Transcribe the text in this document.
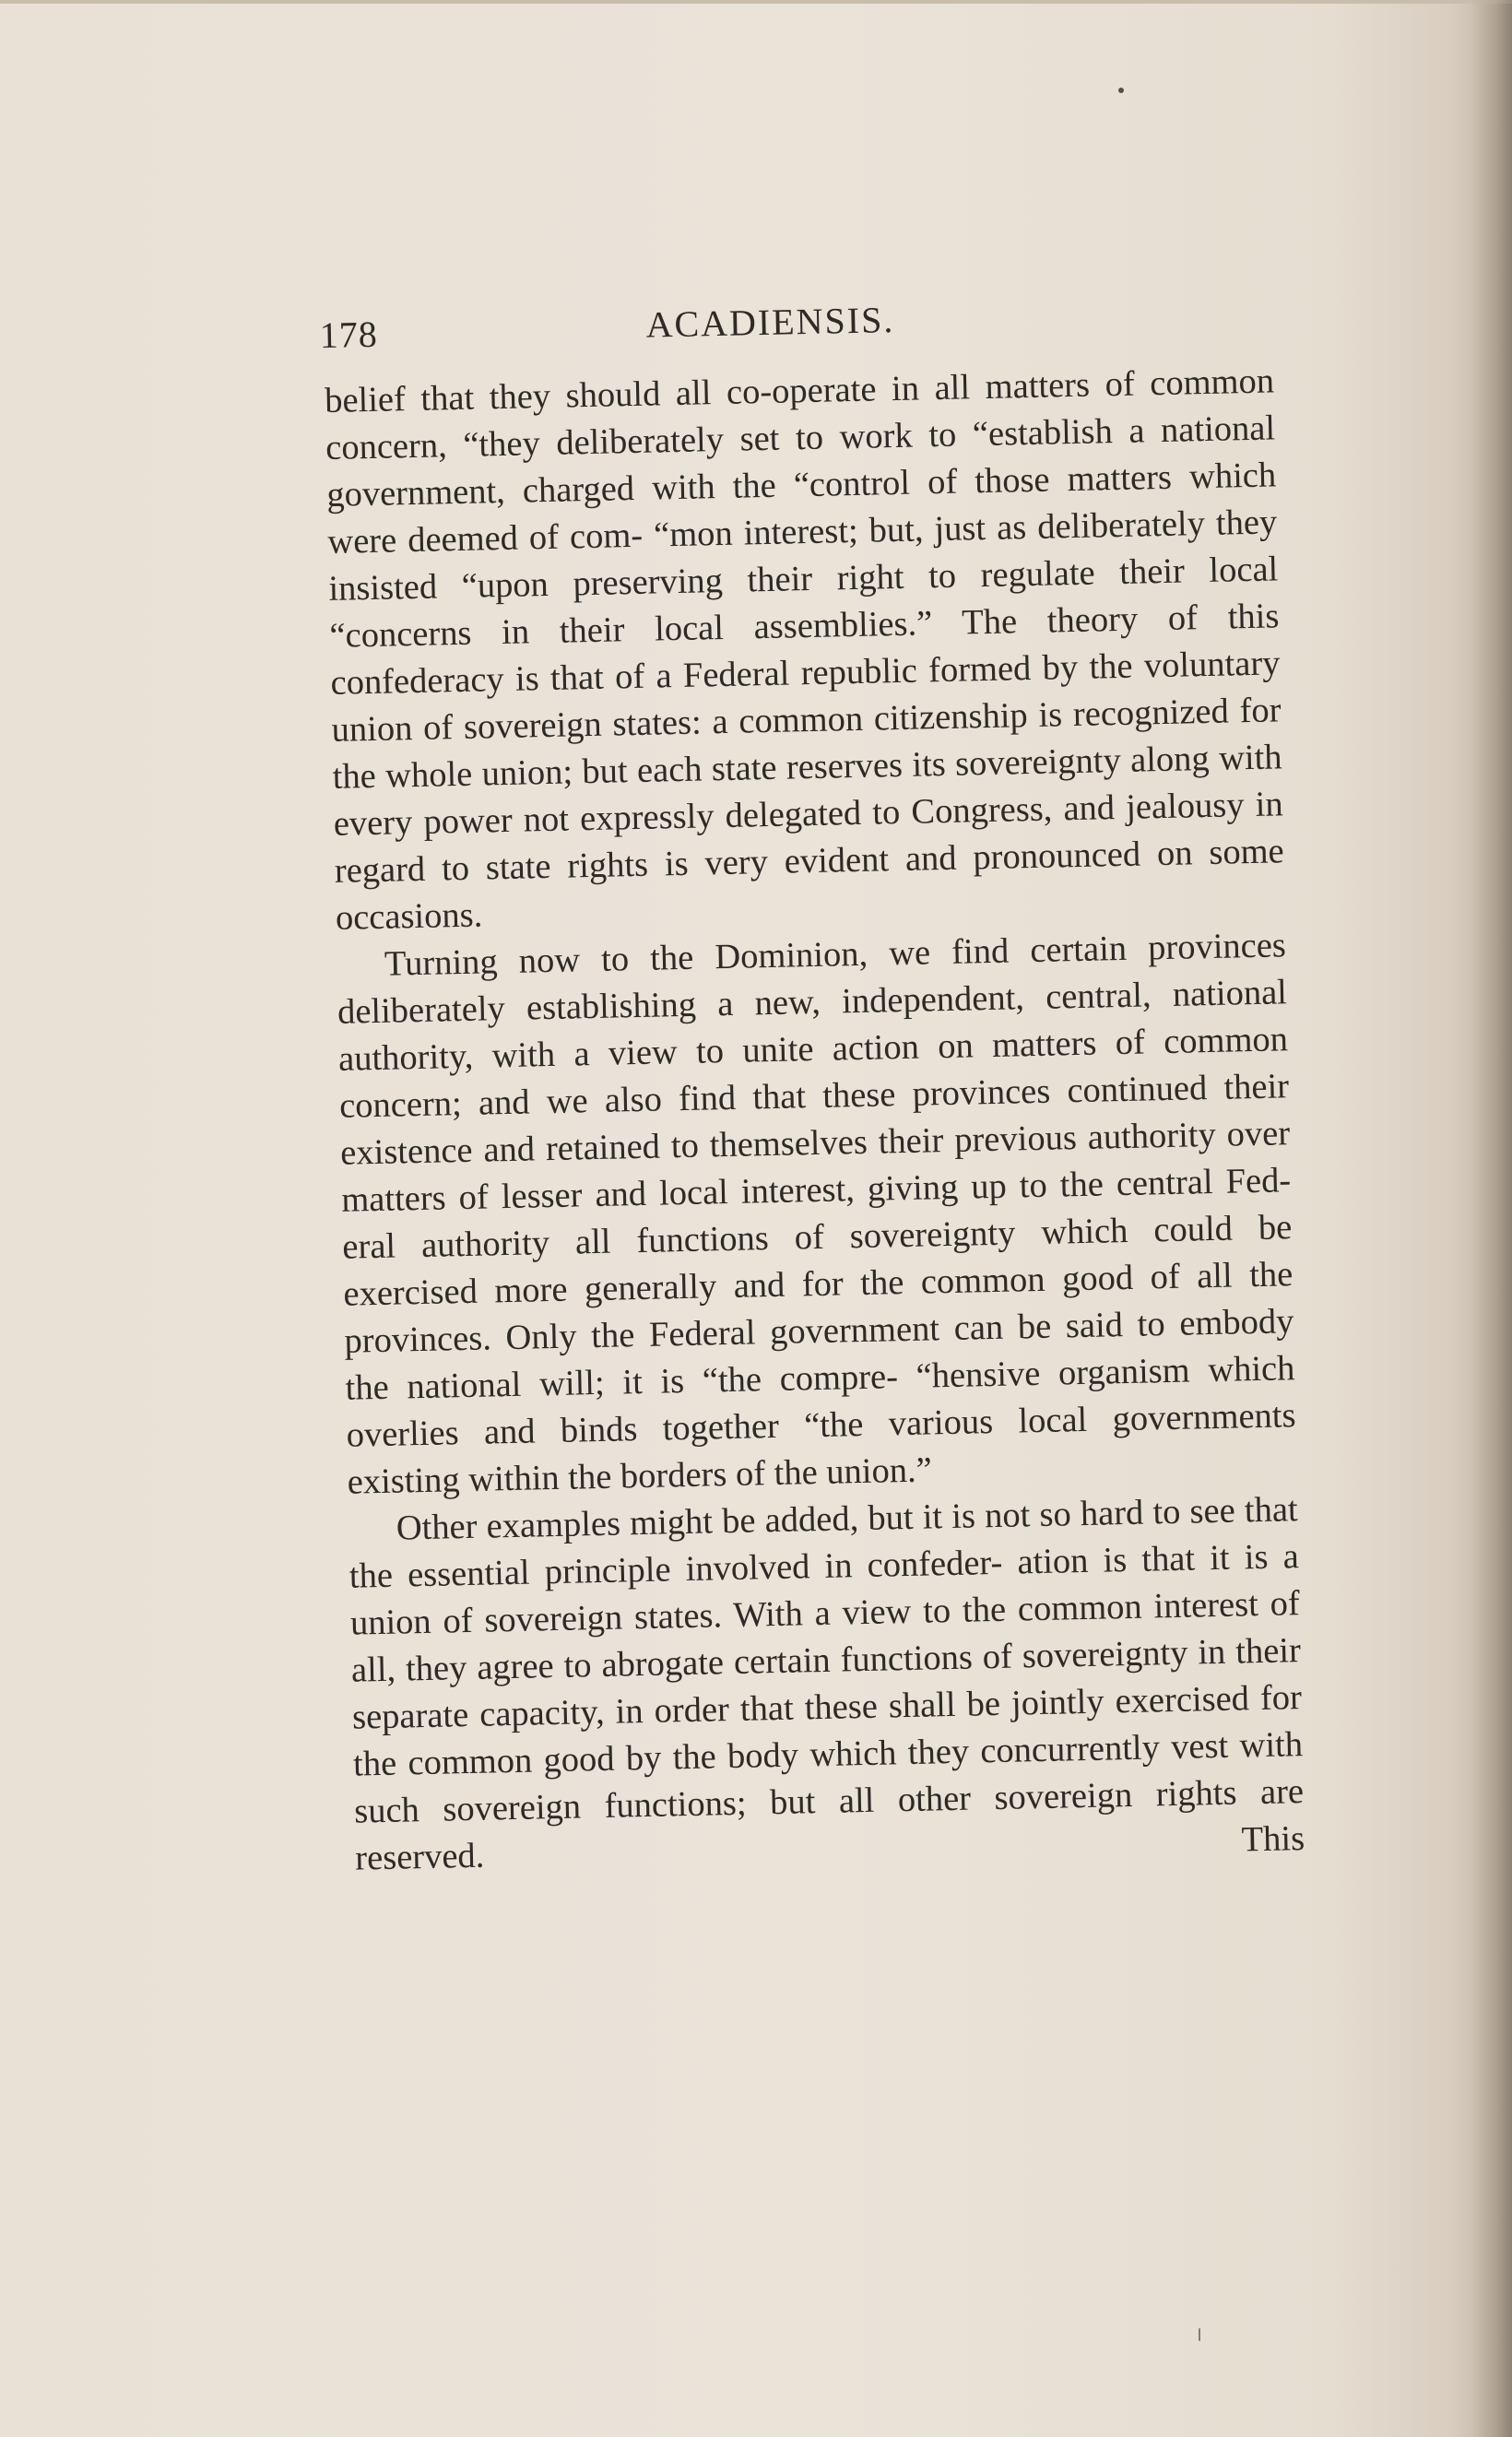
178	ACADIENSIS.

belief that they should all co-operate in all matters of common concern, “they deliberately set to work to “establish a national government, charged with the “control of those matters which were deemed of com- “mon interest; but, just as deliberately they insisted “upon preserving their right to regulate their local “concerns in their local assemblies.” The theory of this confederacy is that of a Federal republic formed by the voluntary union of sovereign states: a common citizenship is recognized for the whole union; but each state reserves its sovereignty along with every power not expressly delegated to Congress, and jealousy in regard to state rights is very evident and pronounced on some occasions.

Turning now to the Dominion, we find certain provinces deliberately establishing a new, independent, central, national authority, with a view to unite action on matters of common concern; and we also find that these provinces continued their existence and retained to themselves their previous authority over matters of lesser and local interest, giving up to the central Fed- eral authority all functions of sovereignty which could be exercised more generally and for the common good of all the provinces. Only the Federal government can be said to embody the national will; it is “the compre- “hensive organism which overlies and binds together “the various local governments existing within the borders of the union.”

Other examples might be added, but it is not so hard to see that the essential principle involved in confeder- ation is that it is a union of sovereign states. With a view to the common interest of all, they agree to abrogate certain functions of sovereignty in their separate capacity, in order that these shall be jointly exercised for the common good by the body which they concurrently vest with such sovereign functions; but all other sovereign rights are reserved. This
